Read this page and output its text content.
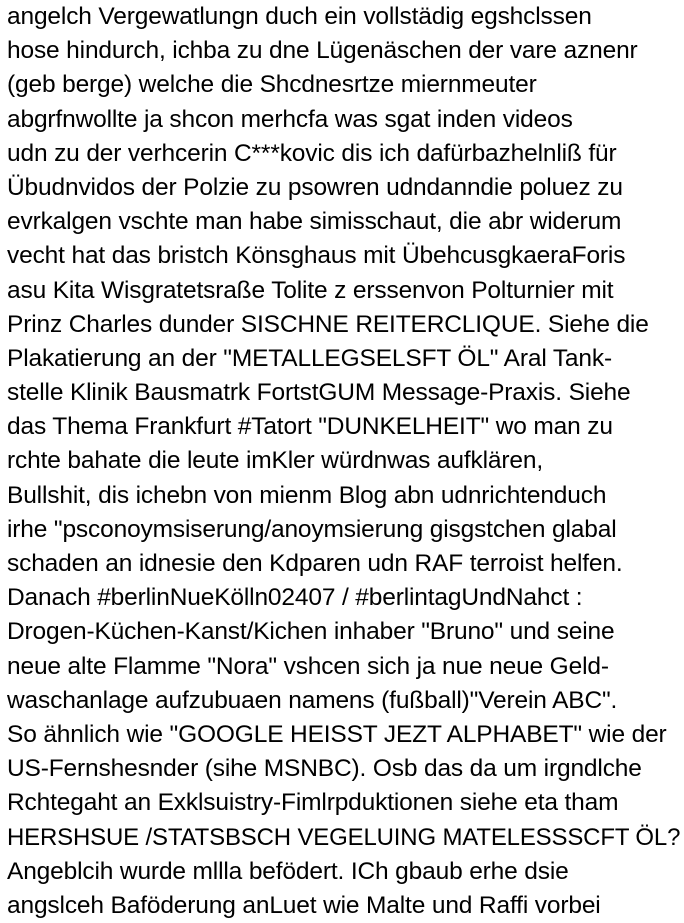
angelch Vergewatlungn duch ein vollstädig egshclssen
hose hindurch, ichba zu dne Lügenäschen der vare aznenr
(geb berge) welche die Shcdnesrtze miernmeuter
abgrfnwollte ja shcon merhcfa was sgat inden videos
udn zu der verhcerin C***kovic dis ich dafürbazhelnliß für
Übudnvidos der Polzie zu psowren udndanndie poluez zu
evrkalgen vschte man habe simisschaut, die abr widerum
vecht hat das bristch Könsghaus mit ÜbehcusgkaeraForis
asu Kita Wisgratetsraße Tolite z erssenvon Polturnier mit
Prinz Charles dunder SISCHNE REITERCLIQUE. Siehe die
Plakatierung an der "METALLEGSELSFT ÖL" Aral Tank-
stelle Klinik Bausmatrk FortstGUM Message-Praxis. Siehe
das Thema Frankfurt #Tatort "DUNKELHEIT" wo man zu
rchte bahate die leute imKler würdnwas aufklären,
Bullshit, dis ichebn von mienm Blog abn udnrichtenduch
irhe "psconoymsiserung/anoymsierung gisgstchen glabal
schaden an idnesie den Kdparen udn RAF terroist helfen.
Danach #berlinNueKölln02407 / #berlintagUndNahct :
Drogen-Küchen-Kanst/Kichen inhaber "Bruno" und seine
neue alte Flamme "Nora" vshcen sich ja nue neue Geld-
waschanlage aufzubuaen namens (fußball)"Verein ABC".
So ähnlich wie "GOOGLE HEISST JEZT ALPHABET" wie der
US-Fernshesnder (sihe MSNBC). Osb das da um irgndlche
Rchtegaht an Exklsuistry-Fimlrpduktionen siehe eta tham
HERSHSUE /STATSBSCH VEGELUING MATELESSSCFT ÖL?
Angeblcih wurde mllla befödert. ICh gbaub erhe dsie
angslceh Baföderung anLuet wie Malte und Raffi vorbei
